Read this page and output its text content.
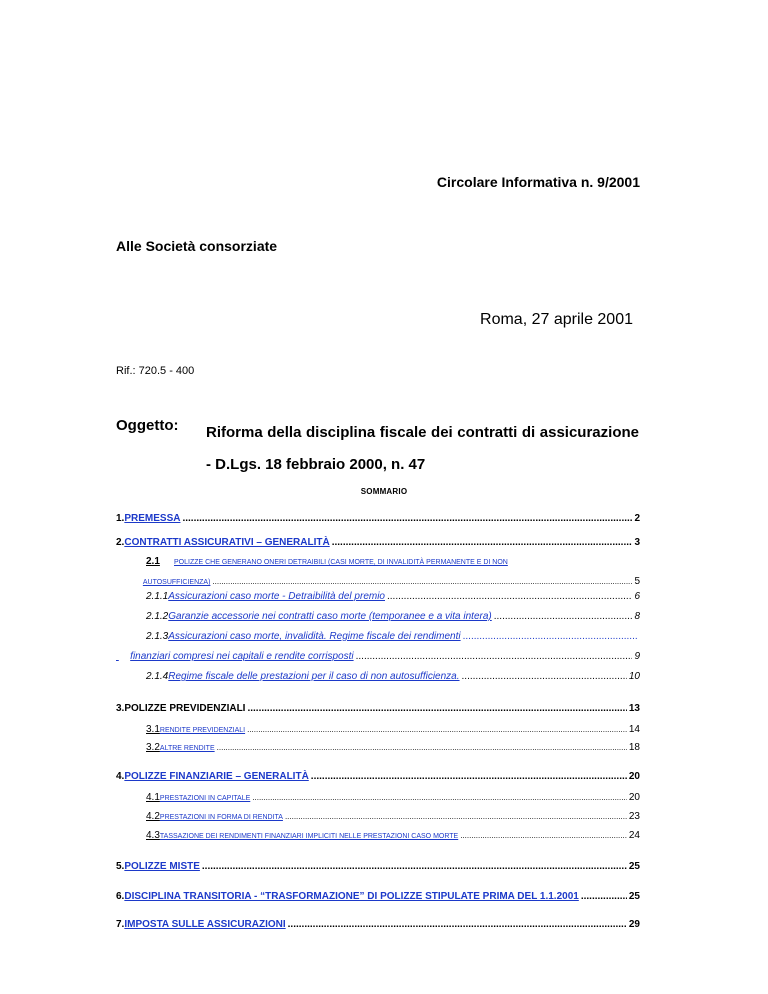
Circolare Informativa n. 9/2001
Alle Società consorziate
Roma, 27 aprile 2001
Rif.: 720.5 - 400
Oggetto: Riforma della disciplina fiscale dei contratti di assicurazione - D.Lgs. 18 febbraio 2000, n. 47
SOMMARIO
1. PREMESSA .....	2
2. CONTRATTI ASSICURATIVI – GENERALITÀ .....	3
2.1	POLIZZE CHE GENERANO ONERI DETRAIBILI (CASI MORTE, DI INVALIDITÀ PERMANENTE E DI NON
AUTOSUFFICIENZA) .....	5
2.1.1 Assicurazioni caso morte - Detraibilità del premio .....	6
2.1.2 Garanzie accessorie nei contratti caso morte (temporanee e a vita intera) .....	8
2.1.3 Assicurazioni caso morte, invalidità. Regime fiscale dei rendimenti
.....

finanziari compresi nei capitali e rendite corrisposti .....	9
2.1.4 Regime fiscale delle prestazioni per il caso di non autosufficienza. .....	10
3. POLIZZE PREVIDENZIALI .....	13
3.1 RENDITE PREVIDENZIALI .....	14
3.2 ALTRE RENDITE .....	18
4. POLIZZE FINANZIARIE – GENERALITÀ .....	20
4.1 PRESTAZIONI IN CAPITALE .....	20
4.2 PRESTAZIONI IN FORMA DI RENDITA .....	23
4.3 TASSAZIONE DEI RENDIMENTI FINANZIARI IMPLICITI NELLE PRESTAZIONI CASO MORTE .....	24
5. POLIZZE MISTE .....	25
6. DISCIPLINA TRANSITORIA - “TRASFORMAZIONE” DI POLIZZE STIPULATE PRIMA DEL 1.1.2001 .....	25
7. IMPOSTA SULLE ASSICURAZIONI .....	29
